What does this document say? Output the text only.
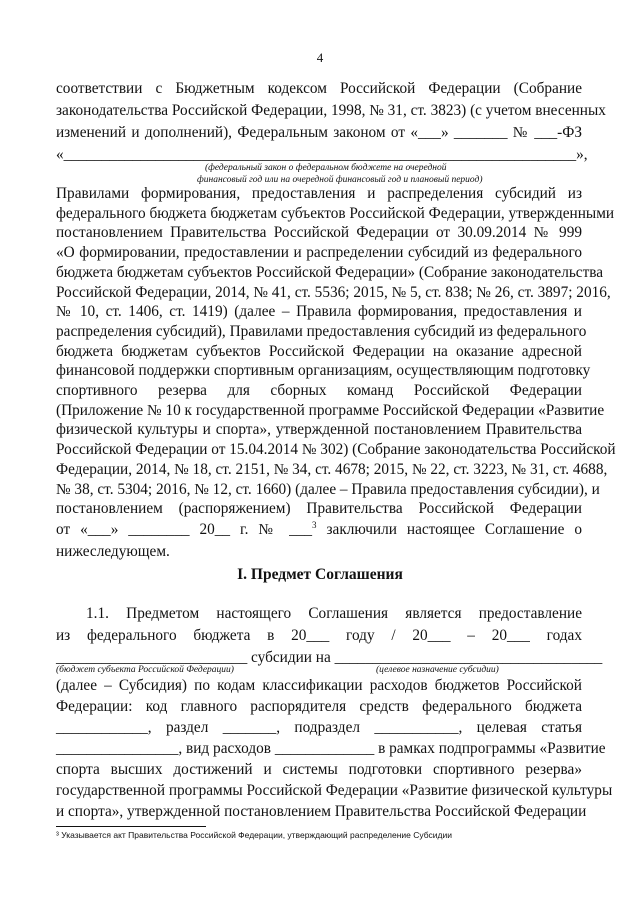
4
соответствии с Бюджетным кодексом Российской Федерации (Собрание
законодательства Российской Федерации, 1998, № 31, ст. 3823) (с учетом внесенных
изменений и дополнений), Федеральным законом от «___» _______ № ___-ФЗ
«___________________________________________________________________»,
(федеральный закон о федеральном бюджете на очередной
финансовый год или на очередной финансовый год и плановый период)
Правилами формирования, предоставления и распределения субсидий из
федерального бюджета бюджетам субъектов Российской Федерации, утвержденными
постановлением Правительства Российской Федерации от 30.09.2014 № 999
«О формировании, предоставлении и распределении субсидий из федерального
бюджета бюджетам субъектов Российской Федерации» (Собрание законодательства
Российской Федерации, 2014, № 41, ст. 5536; 2015, № 5, ст. 838; № 26, ст. 3897; 2016,
№ 10, ст. 1406, ст. 1419) (далее – Правила формирования, предоставления и
распределения субсидий), Правилами предоставления субсидий из федерального
бюджета бюджетам субъектов Российской Федерации на оказание адресной
финансовой поддержки спортивным организациям, осуществляющим подготовку
спортивного резерва для сборных команд Российской Федерации
(Приложение № 10 к государственной программе Российской Федерации «Развитие
физической культуры и спорта», утвержденной постановлением Правительства
Российской Федерации от 15.04.2014 № 302) (Собрание законодательства Российской
Федерации, 2014, № 18, ст. 2151, № 34, ст. 4678; 2015, № 22, ст. 3223, № 31, ст. 4688,
№ 38, ст. 5304; 2016, № 12, ст. 1660) (далее – Правила предоставления субсидии), и
постановлением (распоряжением) Правительства Российской Федерации
от «___» ________ 20__ г. № ___$^3$ заключили настоящее Соглашение о
нижеследующем.
I. Предмет Соглашения
1.1. Предметом настоящего Соглашения является предоставление
из федерального бюджета в 20___ году / 20___ – 20___ годах
_________________________ субсидии на ___________________________________
(бюджет субъекта Российской Федерации)	(целевое назначение субсидии)
(далее – Субсидия) по кодам классификации расходов бюджетов Российской
Федерации: код главного распорядителя средств федерального бюджета
____________, раздел _______, подраздел ___________, целевая статья
________________, вид расходов _____________ в рамках подпрограммы «Развитие
спорта высших достижений и системы подготовки спортивного резерва»
государственной программы Российской Федерации «Развитие физической культуры
и спорта», утвержденной постановлением Правительства Российской Федерации
³ Указывается акт Правительства Российской Федерации, утверждающий распределение Субсидии
